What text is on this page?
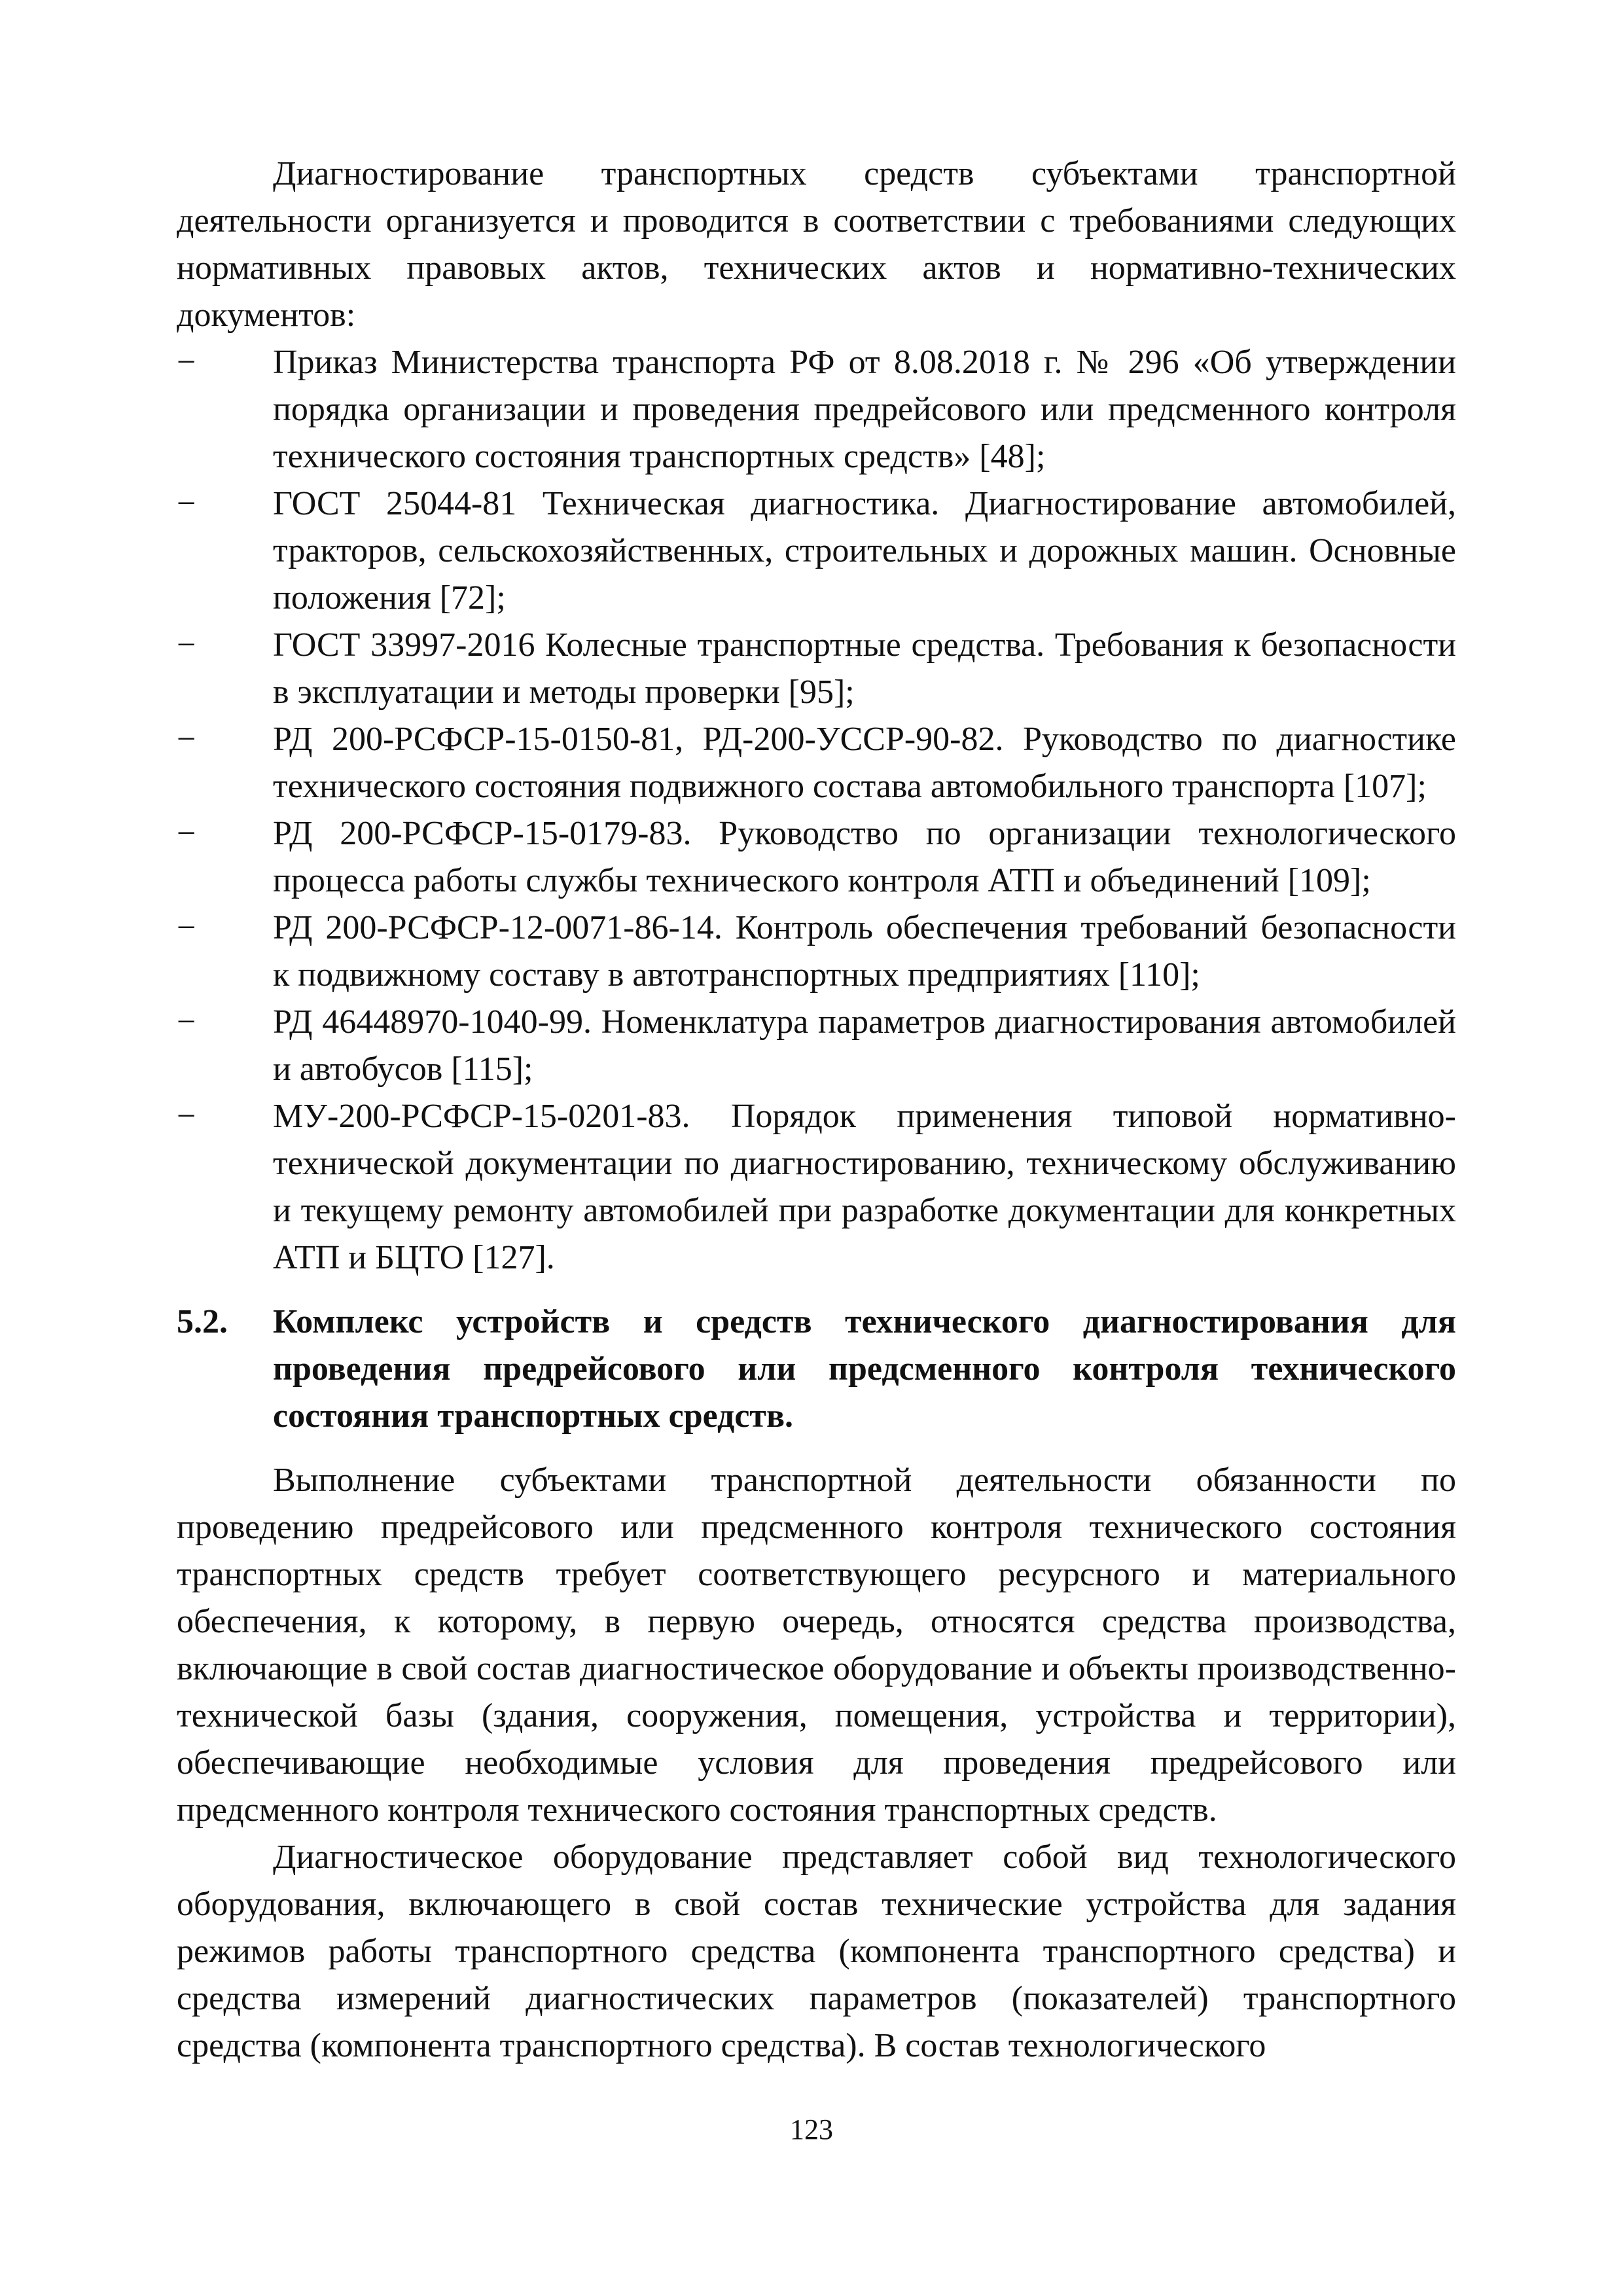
Диагностирование транспортных средств субъектами транспортной деятельности организуется и проводится в соответствии с требованиями следующих нормативных правовых актов, технических актов и нормативно-технических документов:

− Приказ Министерства транспорта РФ от 8.08.2018 г. № 296 «Об утверждении порядка организации и проведения предрейсового или предсменного контроля технического состояния транспортных средств» [48];
− ГОСТ 25044-81 Техническая диагностика. Диагностирование автомобилей, тракторов, сельскохозяйственных, строительных и дорожных машин. Основные положения [72];
− ГОСТ 33997-2016 Колесные транспортные средства. Требования к безопасности в эксплуатации и методы проверки [95];
− РД 200-РСФСР-15-0150-81, РД-200-УССР-90-82. Руководство по диагностике технического состояния подвижного состава автомобильного транспорта [107];
− РД 200-РСФСР-15-0179-83. Руководство по организации технологического процесса работы службы технического контроля АТП и объединений [109];
− РД 200-РСФСР-12-0071-86-14. Контроль обеспечения требований безопасности к подвижному составу в автотранспортных предприятиях [110];
− РД 46448970-1040-99. Номенклатура параметров диагностирования автомобилей и автобусов [115];
− МУ-200-РСФСР-15-0201-83. Порядок применения типовой нормативно-технической документации по диагностированию, техническому обслуживанию и текущему ремонту автомобилей при разработке документации для конкретных АТП и БЦТО [127].
5.2.	Комплекс устройств и средств технического диагностирования для проведения предрейсового или предсменного контроля технического состояния транспортных средств.

Выполнение субъектами транспортной деятельности обязанности по проведению предрейсового или предсменного контроля технического состояния транспортных средств требует соответствующего ресурсного и материального обеспечения, к которому, в первую очередь, относятся средства производства, включающие в свой состав диагностическое оборудование и объекты производственно-технической базы (здания, сооружения, помещения, устройства и территории), обеспечивающие необходимые условия для проведения предрейсового или предсменного контроля технического состояния транспортных средств.

Диагностическое оборудование представляет собой вид технологического оборудования, включающего в свой состав технические устройства для задания режимов работы транспортного средства (компонента транспортного средства) и средства измерений диагностических параметров (показателей) транспортного средства (компонента транспортного средства). В состав технологического

123
